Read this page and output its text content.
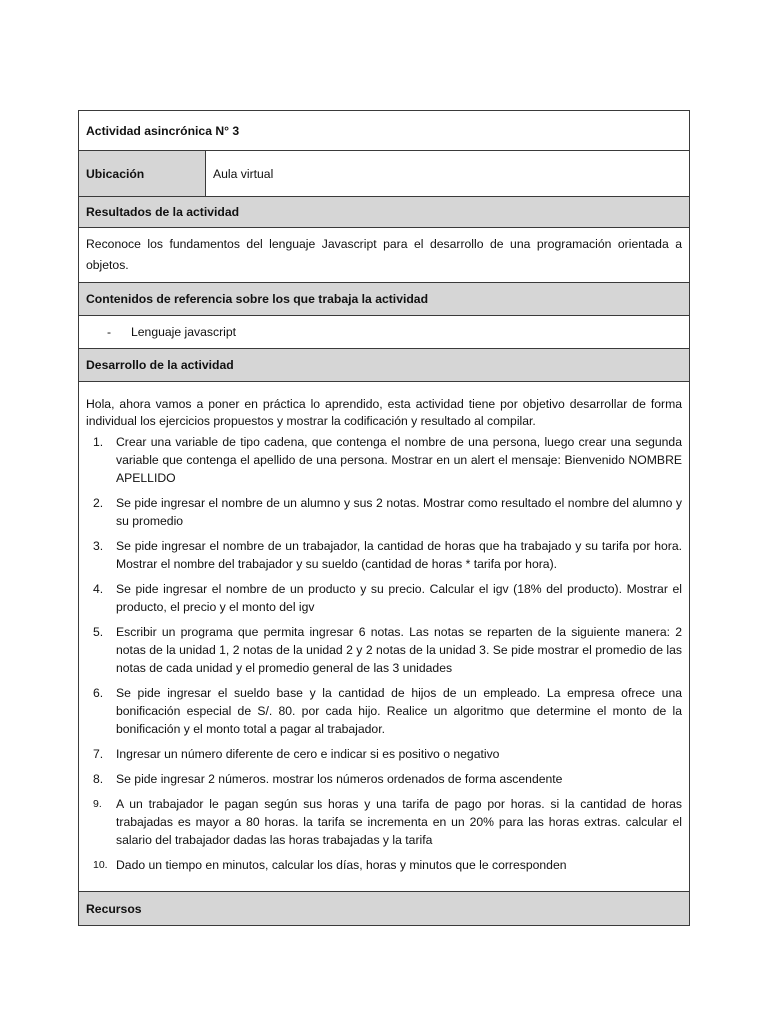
Actividad asincrónica N° 3
Ubicación	Aula virtual
Resultados de la actividad
Reconoce los fundamentos del lenguaje Javascript para el desarrollo de una programación orientada a objetos.
Contenidos de referencia sobre los que trabaja la actividad
-	Lenguaje javascript
Desarrollo de la actividad

Hola, ahora vamos a poner en práctica lo aprendido, esta actividad tiene por objetivo desarrollar de forma individual los ejercicios propuestos y mostrar la codificación y resultado al compilar.

1.	Crear una variable de tipo cadena, que contenga el nombre de una persona, luego crear una segunda variable que contenga el apellido de una persona. Mostrar en un alert el mensaje: Bienvenido NOMBRE APELLIDO
2.	Se pide ingresar el nombre de un alumno y sus 2 notas. Mostrar como resultado el nombre del alumno y su promedio
3.	Se pide ingresar el nombre de un trabajador, la cantidad de horas que ha trabajado y su tarifa por hora. Mostrar el nombre del trabajador y su sueldo (cantidad de horas * tarifa por hora).
4.	Se pide ingresar el nombre de un producto y su precio. Calcular el igv (18% del producto). Mostrar el producto, el precio y el monto del igv
5.	Escribir un programa que permita ingresar 6 notas. Las notas se reparten de la siguiente manera: 2 notas de la unidad 1, 2 notas de la unidad 2 y 2 notas de la unidad 3. Se pide mostrar el promedio de las notas de cada unidad y el promedio general de las 3 unidades
6.	Se pide ingresar el sueldo base y la cantidad de hijos de un empleado. La empresa ofrece una bonificación especial de S/. 80. por cada hijo. Realice un algoritmo que determine el monto de la bonificación y el monto total a pagar al trabajador.
7.	Ingresar un número diferente de cero e indicar si es positivo o negativo
8.	Se pide ingresar 2 números. mostrar los números ordenados de forma ascendente
9.	A un trabajador le pagan según sus horas y una tarifa de pago por horas. si la cantidad de horas trabajadas es mayor a 80 horas. la tarifa se incrementa en un 20% para las horas extras. calcular el salario del trabajador dadas las horas trabajadas y la tarifa
10. Dado un tiempo en minutos, calcular los días, horas y minutos que le corresponden
Recursos
